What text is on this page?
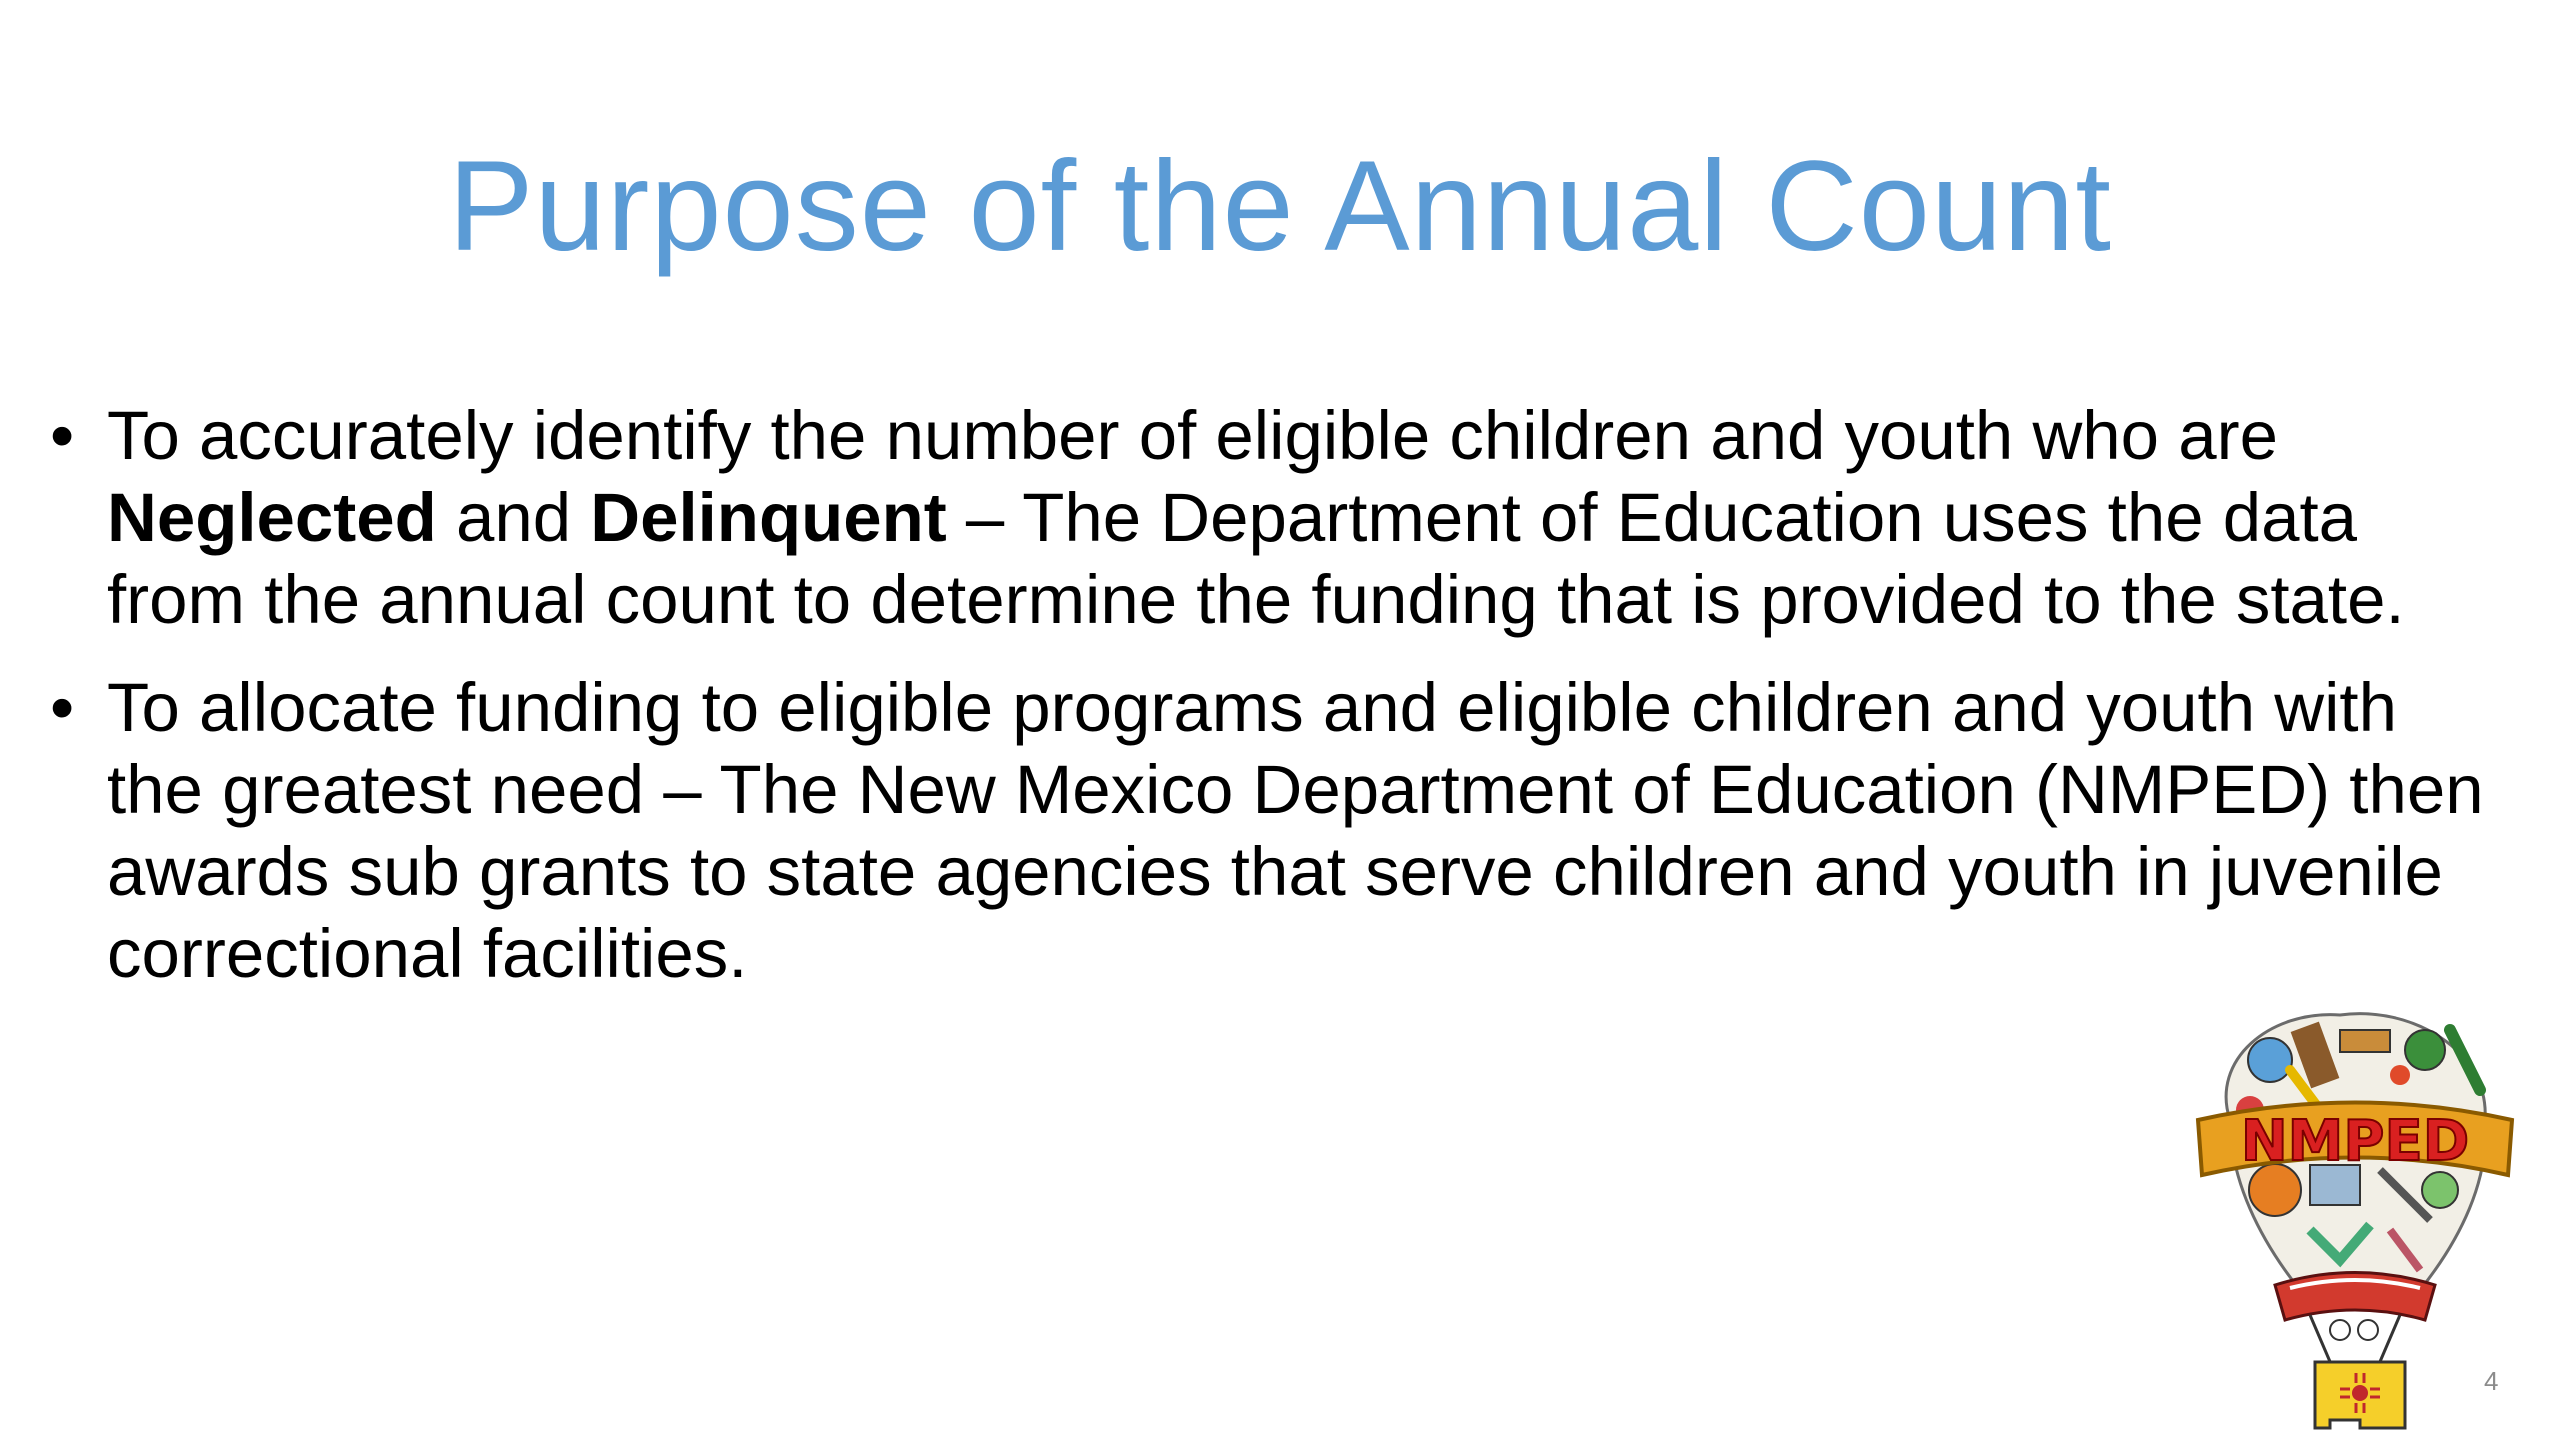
Purpose of the Annual Count
• To accurately identify the number of eligible children and youth who are Neglected and Delinquent – The Department of Education uses the data from the annual count to determine the funding that is provided to the state.
• To allocate funding to eligible programs and eligible children and youth with the greatest need – The New Mexico Department of Education (NMPED) then awards sub grants to state agencies that serve children and youth in juvenile correctional facilities.
NMPED
4
